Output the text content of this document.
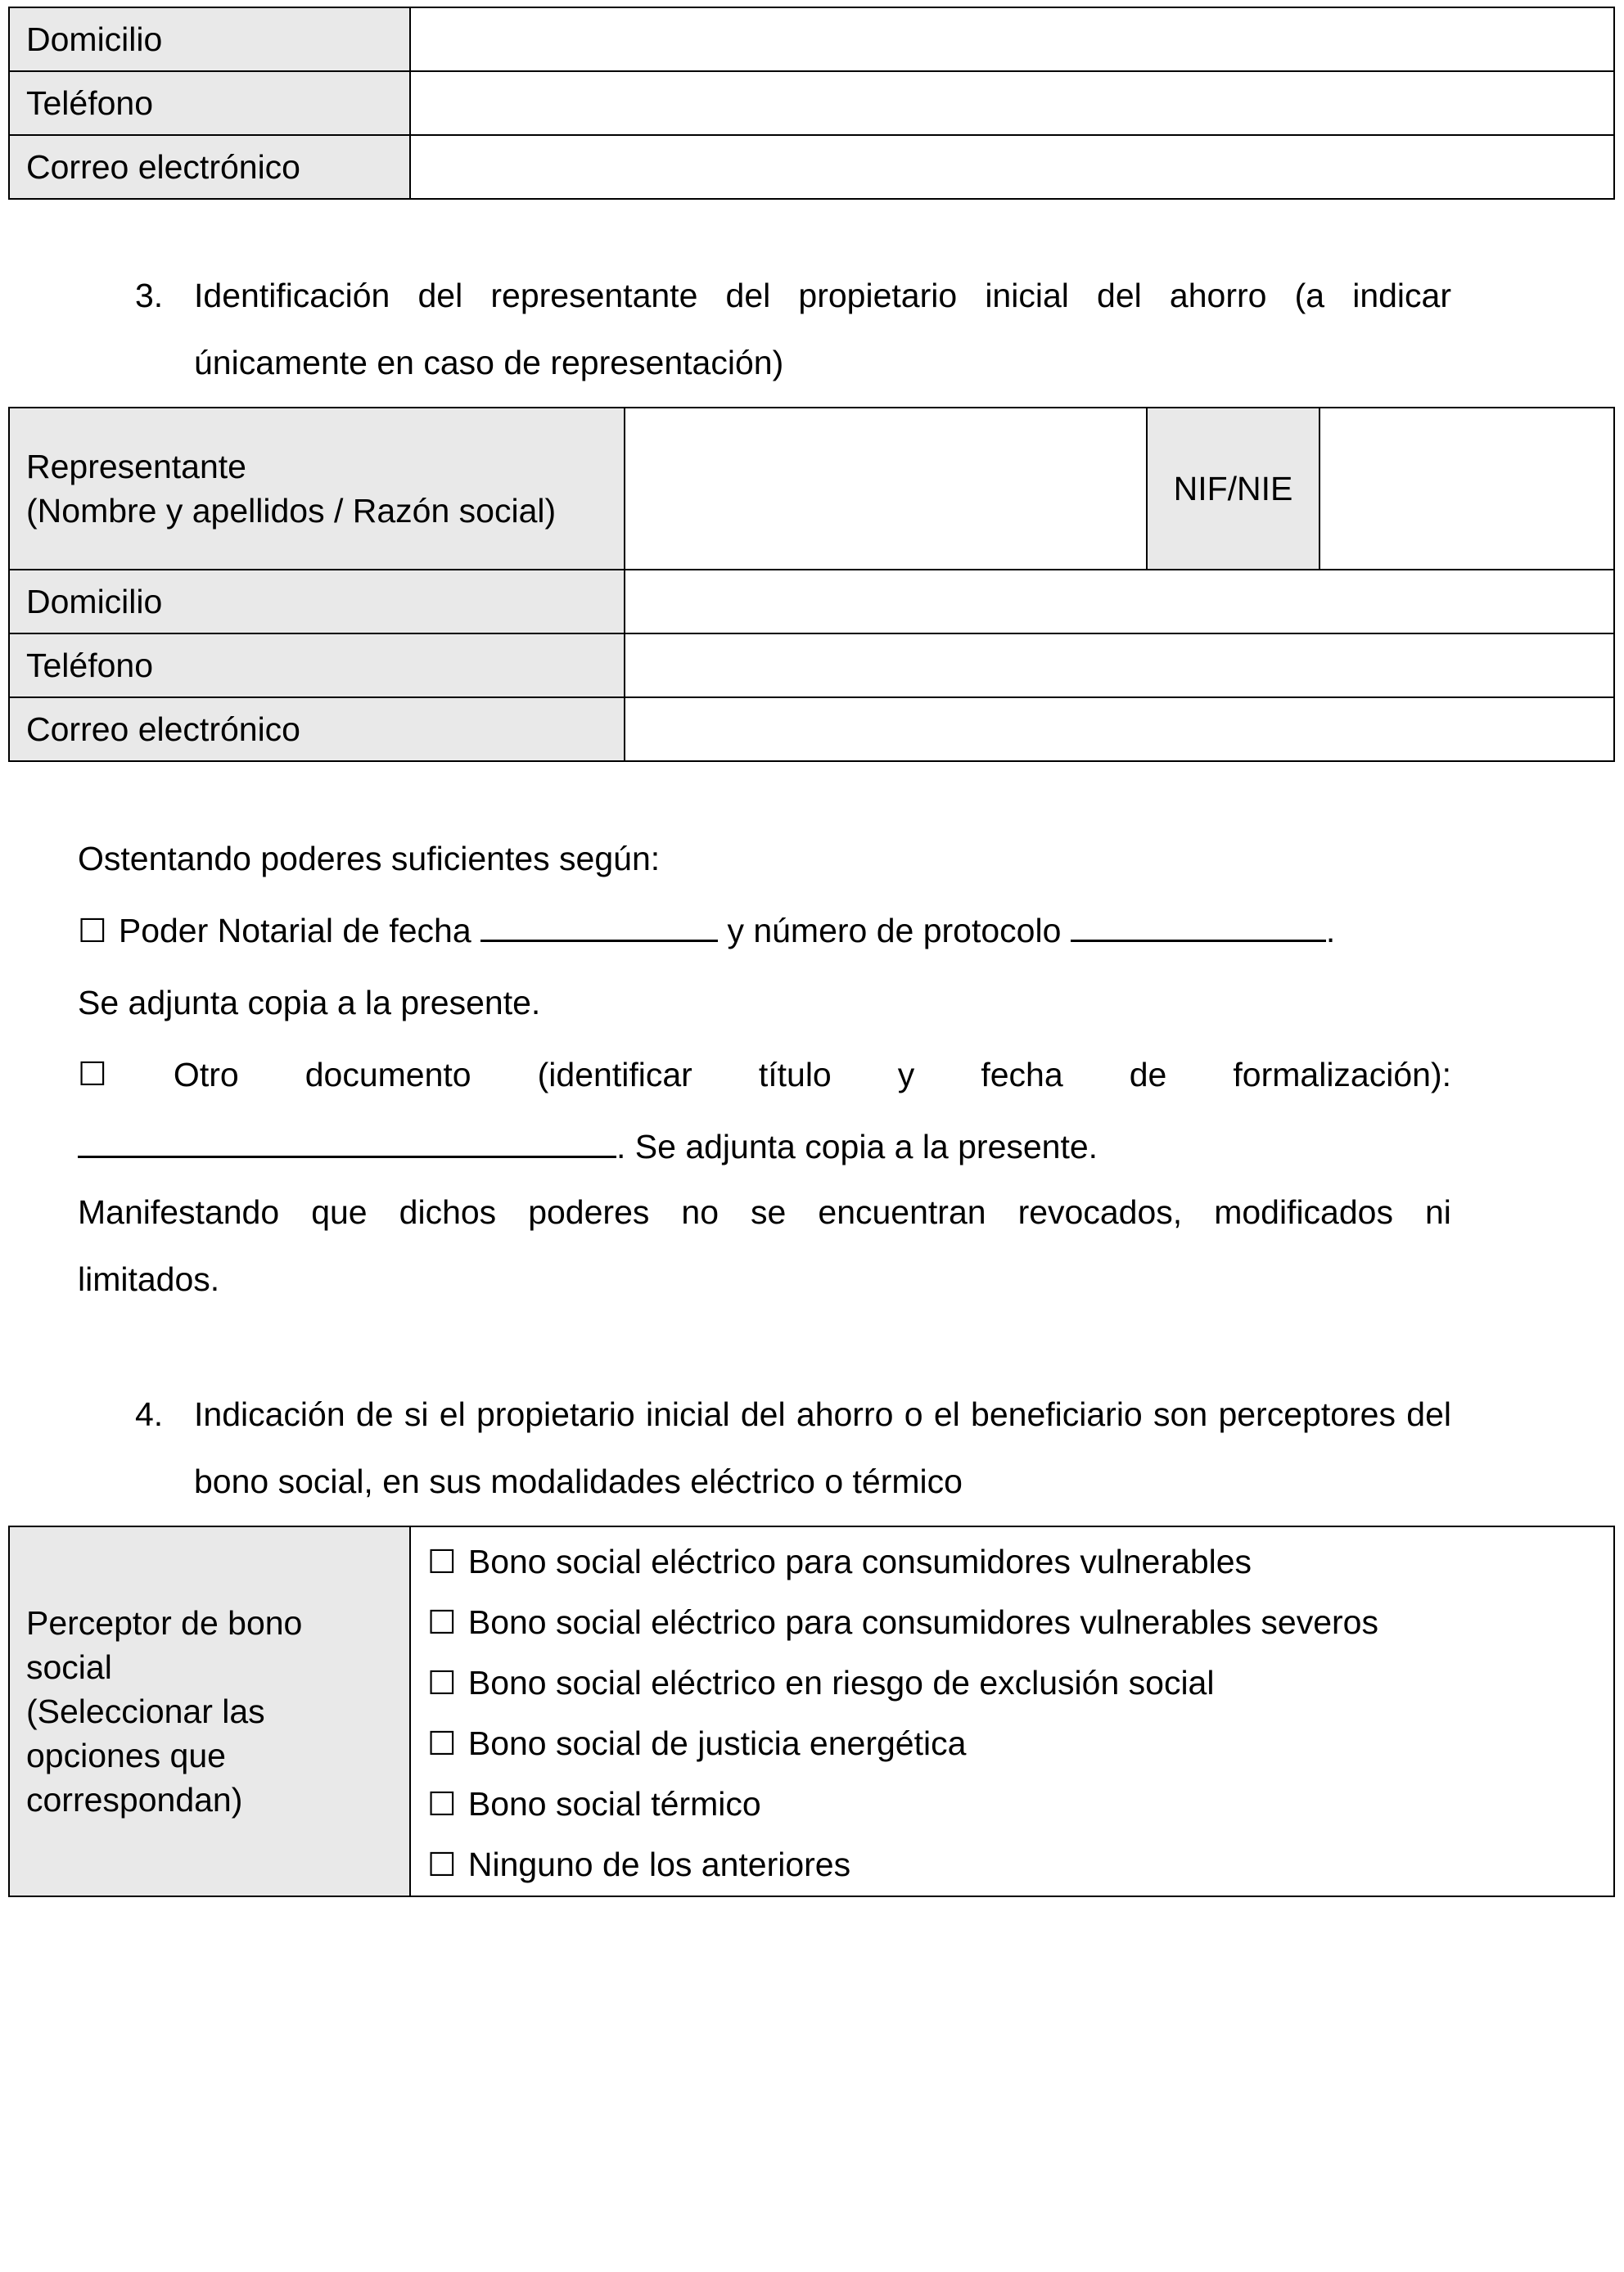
Domicilio	
Teléfono	
Correo electrónico	
3. Identificación del representante del propietario inicial del ahorro (a indicar únicamente en caso de representación)
Representante
(Nombre y apellidos / Razón social)		NIF/NIE	
Domicilio			
Teléfono			
Correo electrónico			
Ostentando poderes suficientes según:
☐ Poder Notarial de fecha	y número de protocolo	.
Se adjunta copia a la presente.
☐ Otro documento (identificar título y fecha de formalización):
. Se adjunta copia a la presente.
Manifestando que dichos poderes no se encuentran revocados, modificados ni
limitados.
4. Indicación de si el propietario inicial del ahorro o el beneficiario son perceptores del bono social, en sus modalidades eléctrico o térmico
Perceptor de bono social
(Seleccionar las opciones que correspondan)

☐ Bono social eléctrico para consumidores vulnerables
☐ Bono social eléctrico para consumidores vulnerables severos
☐ Bono social eléctrico en riesgo de exclusión social
☐ Bono social de justicia energética
☐ Bono social térmico
☐ Ninguno de los anteriores
